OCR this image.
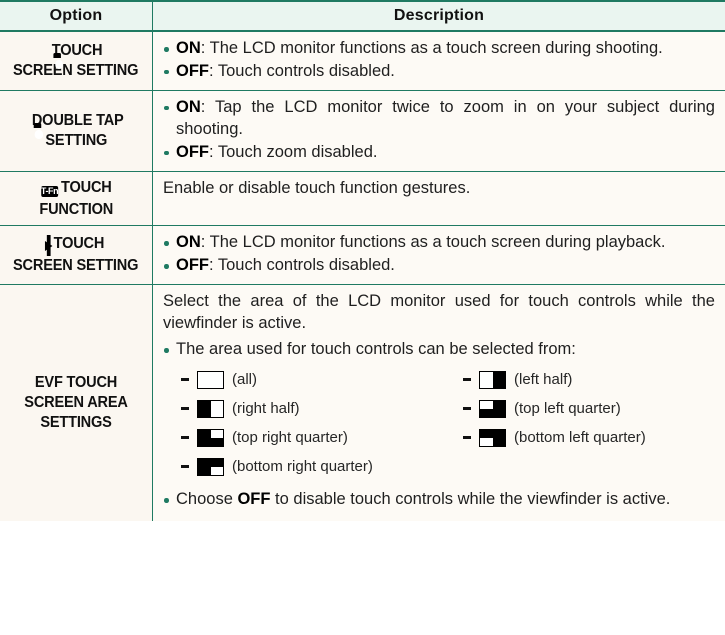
Option	Description
TOUCH
SCREEN SETTING
ON: The LCD monitor functions as a touch screen during shooting.
OFF: Touch controls disabled.
DOUBLE TAP
SETTING
ON: Tap the LCD monitor twice to zoom in on your subject during shooting.
OFF: Touch zoom disabled.
T-Fn TOUCH
FUNCTION
Enable or disable touch function gestures.
TOUCH
SCREEN SETTING
ON: The LCD monitor functions as a touch screen during playback.
OFF: Touch controls disabled.
EVF TOUCH
SCREEN AREA
SETTINGS
Select the area of the LCD monitor used for touch controls while the viewfinder is active.
The area used for touch controls can be selected from:
(all)
(right half)
(top right quarter)
(bottom right quarter)
(left half)
(top left quarter)
(bottom left quarter)
Choose OFF to disable touch controls while the viewfinder is active.
